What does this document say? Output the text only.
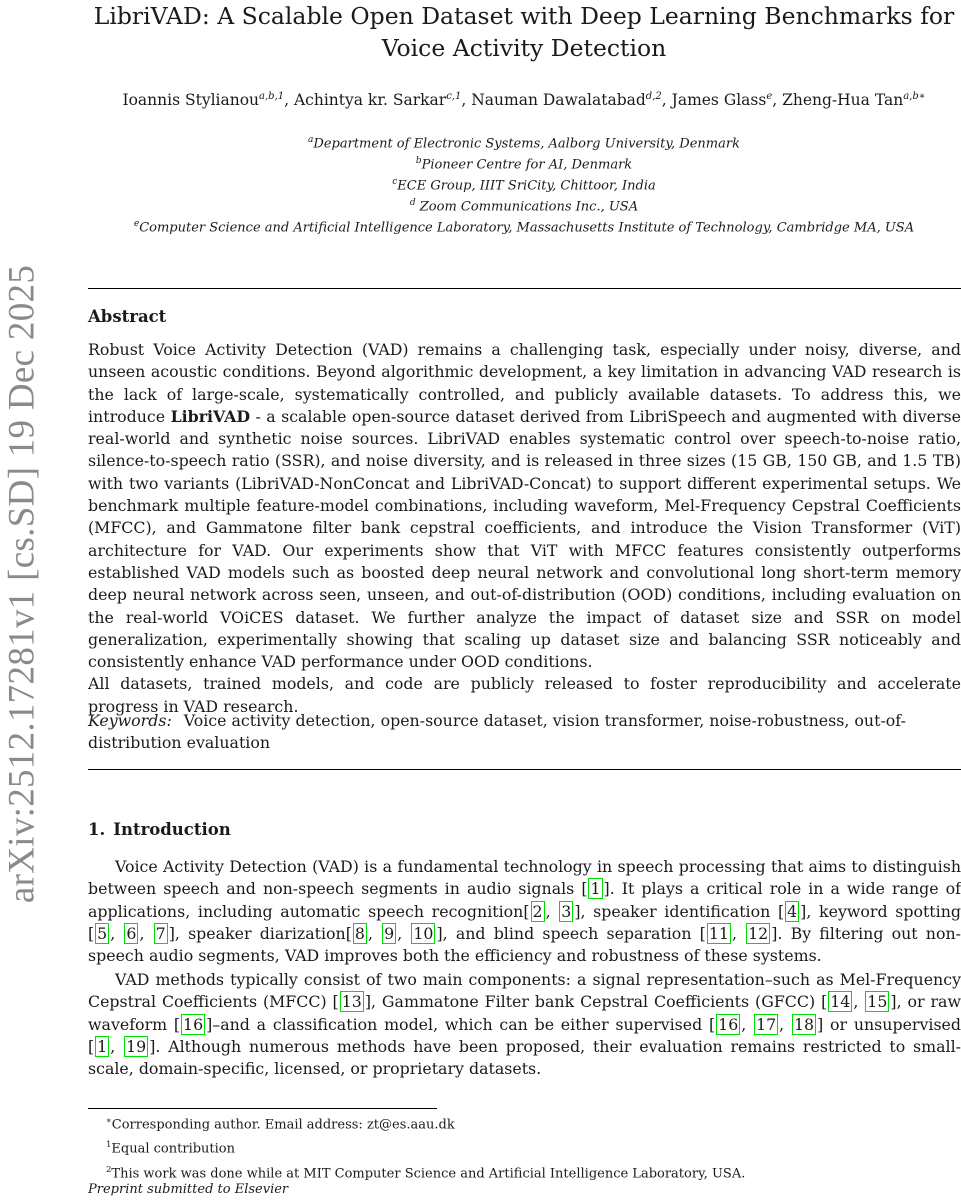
arXiv:2512.17281v1 [cs.SD] 19 Dec 2025
LibriVAD: A Scalable Open Dataset with Deep Learning Benchmarks for
Voice Activity Detection
Ioannis Stylianou$^{a,b,1}$, Achintya kr. Sarkar$^{c,1}$, Nauman Dawalatabad$^{d,2}$, James Glass$^e$, Zheng-Hua Tan$^{a,b∗}$
$^a$Department of Electronic Systems, Aalborg University, Denmark
$^b$Pioneer Centre for AI, Denmark
$^c$ECE Group, IIIT SriCity, Chittoor, India
$^d$ Zoom Communications Inc., USA
$^e$Computer Science and Artificial Intelligence Laboratory, Massachusetts Institute of Technology, Cambridge MA, USA
Abstract

Robust Voice Activity Detection (VAD) remains a challenging task, especially under noisy, diverse, and unseen acoustic conditions. Beyond algorithmic development, a key limitation in advancing VAD research is the lack of large-scale, systematically controlled, and publicly available datasets. To address this, we introduce LibriVAD - a scalable open-source dataset derived from LibriSpeech and augmented with diverse real-world and synthetic noise sources. LibriVAD enables systematic control over speech-to-noise ratio, silence-to-speech ratio (SSR), and noise diversity, and is released in three sizes (15 GB, 150 GB, and 1.5 TB) with two variants (LibriVAD-NonConcat and LibriVAD-Concat) to support different experimental setups. We benchmark multiple feature-model combinations, including waveform, Mel-Frequency Cepstral Coefficients (MFCC), and Gammatone filter bank cepstral coefficients, and introduce the Vision Transformer (ViT) architecture for VAD. Our experiments show that ViT with MFCC features consistently outperforms established VAD models such as boosted deep neural network and convolutional long short-term memory deep neural network across seen, unseen, and out-of-distribution (OOD) conditions, including evaluation on the real-world VOiCES dataset. We further analyze the impact of dataset size and SSR on model generalization, experimentally showing that scaling up dataset size and balancing SSR noticeably and consistently enhance VAD performance under OOD conditions.
All datasets, trained models, and code are publicly released to foster reproducibility and accelerate progress in VAD research.

Keywords: Voice activity detection, open-source dataset, vision transformer, noise-robustness, out-of-distribution evaluation

1. Introduction

Voice Activity Detection (VAD) is a fundamental technology in speech processing that aims to distinguish between speech and non-speech segments in audio signals [ 1 ]. It plays a critical role in a wide range of applications, including automatic speech recognition[ 2 , 3 ], speaker identification [ 4 ], keyword spotting [ 5 , 6 , 7 ], speaker diarization[ 8 , 9 , 10 ], and blind speech separation [ 11 , 12 ]. By filtering out non-speech audio segments, VAD improves both the efficiency and robustness of these systems.

VAD methods typically consist of two main components: a signal representation–such as Mel-Frequency Cepstral Coefficients (MFCC) [ 13 ], Gammatone Filter bank Cepstral Coefficients (GFCC) [ 14 , 15 ], or raw waveform [ 16 ]–and a classification model, which can be either supervised [ 16 , 17 , 18 ] or unsupervised [ 1 , 19 ]. Although numerous methods have been proposed, their evaluation remains restricted to small-scale, domain-specific, licensed, or proprietary datasets.

∗Corresponding author. Email address: zt@es.aau.dk
$^1$Equal contribution
$^2$This work was done while at MIT Computer Science and Artificial Intelligence Laboratory, USA.
Preprint submitted to Elsevier
